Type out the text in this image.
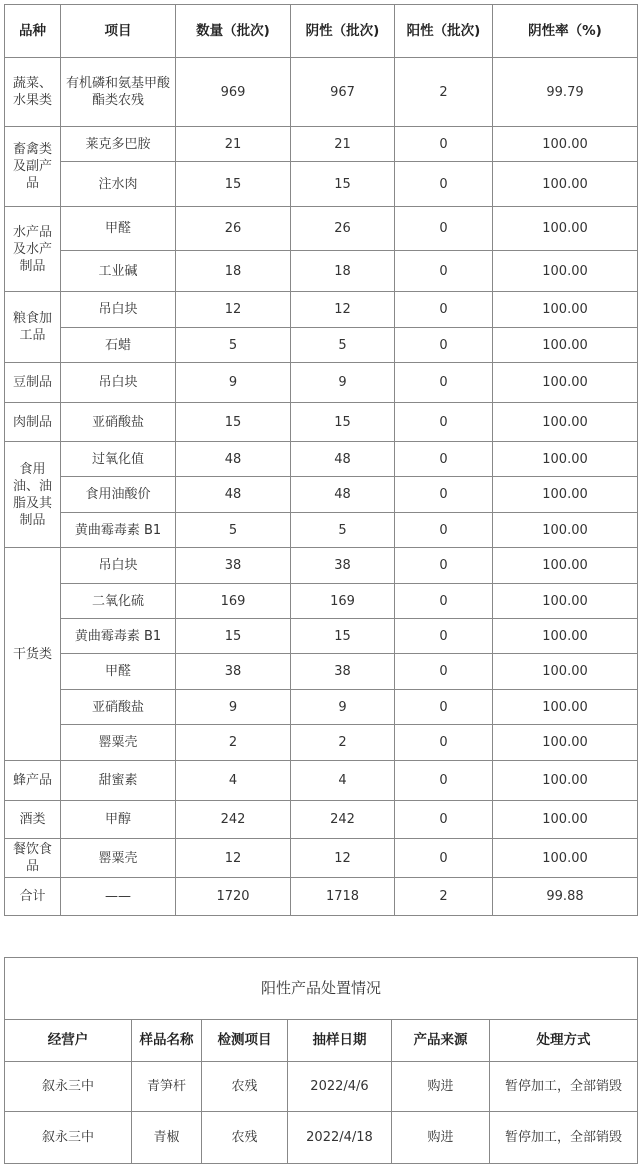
品种	项目	数量（批次)	阴性（批次)	阳性（批次)	阴性率（%)
蔬菜、水果类	有机磷和氨基甲酸酯类农残	969	967	2	99.79
畜禽类及副产品	莱克多巴胺	21	21	0	100.00
	注水肉	15	15	0	100.00
水产品及水产制品	甲醛	26	26	0	100.00
	工业碱	18	18	0	100.00
粮食加工品	吊白块	12	12	0	100.00
	石蜡	5	5	0	100.00
豆制品	吊白块	9	9	0	100.00
肉制品	亚硝酸盐	15	15	0	100.00
食用油、油脂及其制品	过氧化值	48	48	0	100.00
	食用油酸价	48	48	0	100.00
	黄曲霉毒素 B1	5	5	0	100.00
干货类	吊白块	38	38	0	100.00
	二氧化硫	169	169	0	100.00
	黄曲霉毒素 B1	15	15	0	100.00
	甲醛	38	38	0	100.00
	亚硝酸盐	9	9	0	100.00
	罂粟壳	2	2	0	100.00
蜂产品	甜蜜素	4	4	0	100.00
酒类	甲醇	242	242	0	100.00
餐饮食品	罂粟壳	12	12	0	100.00
合计	——	1720	1718	2	99.88
阳性产品处置情况					
经营户	样品名称	检测项目	抽样日期	产品来源	处理方式
叙永三中	青笋杆	农残	2022/4/6	购进	暂停加工，全部销毁
叙永三中	青椒	农残	2022/4/18	购进	暂停加工，全部销毁
